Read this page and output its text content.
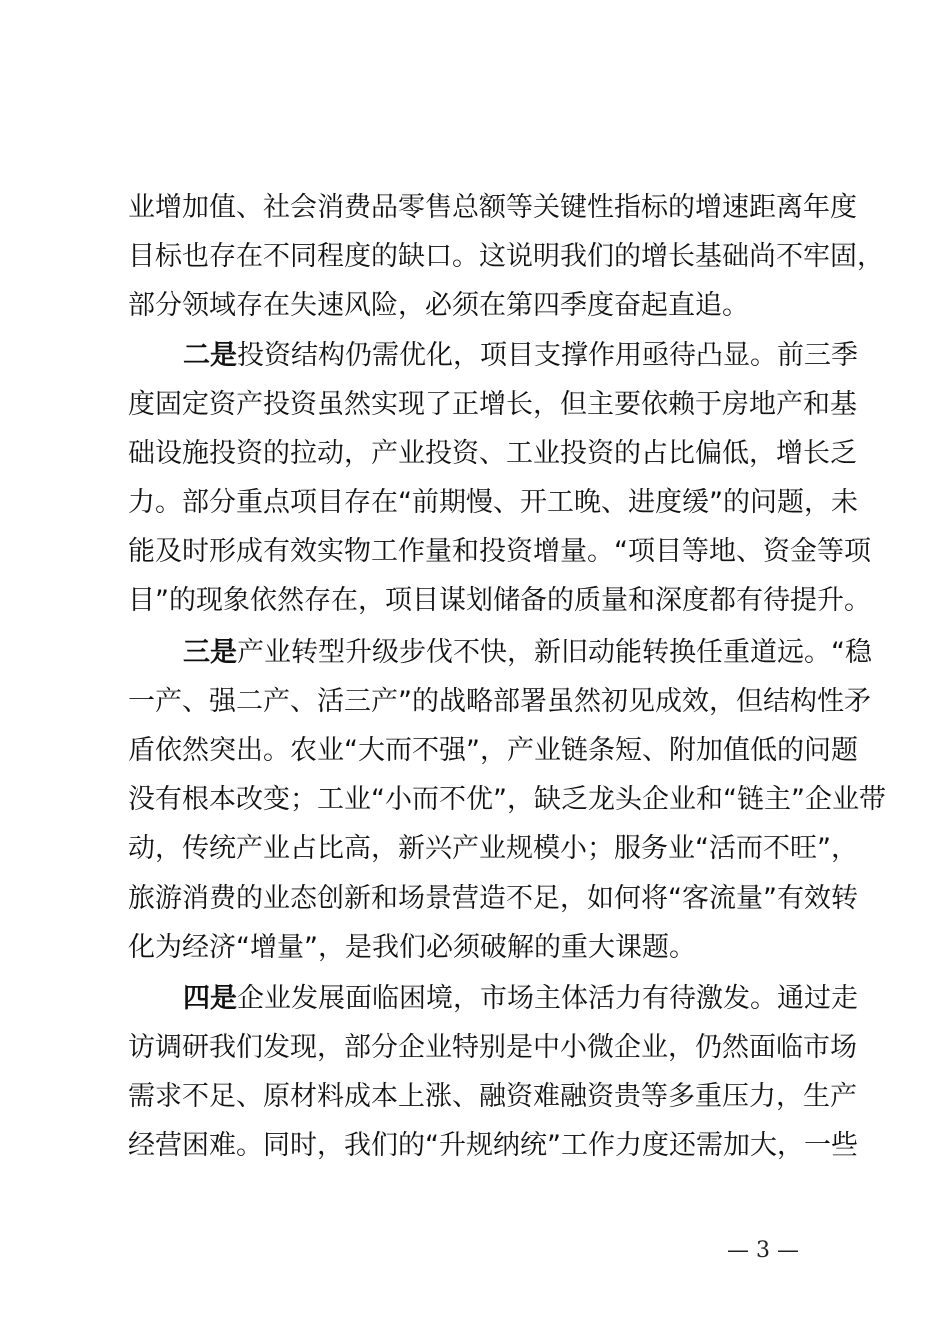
业增加值、社会消费品零售总额等关键性指标的增速距离年度
目标也存在不同程度的缺口。这说明我们的增长基础尚不牢固，
部分领域存在失速风险，必须在第四季度奋起直追。
二是投资结构仍需优化，项目支撑作用亟待凸显。前三季
度固定资产投资虽然实现了正增长，但主要依赖于房地产和基
础设施投资的拉动，产业投资、工业投资的占比偏低，增长乏
力。部分重点项目存在“前期慢、开工晚、进度缓”的问题，未
能及时形成有效实物工作量和投资增量。“项目等地、资金等项
目”的现象依然存在，项目谋划储备的质量和深度都有待提升。
三是产业转型升级步伐不快，新旧动能转换任重道远。“稳
一产、强二产、活三产”的战略部署虽然初见成效，但结构性矛
盾依然突出。农业“大而不强”，产业链条短、附加值低的问题
没有根本改变；工业“小而不优”，缺乏龙头企业和“链主”企业带
动，传统产业占比高，新兴产业规模小；服务业“活而不旺”，
旅游消费的业态创新和场景营造不足，如何将“客流量”有效转
化为经济“增量”，是我们必须破解的重大课题。
四是企业发展面临困境，市场主体活力有待激发。通过走
访调研我们发现，部分企业特别是中小微企业，仍然面临市场
需求不足、原材料成本上涨、融资难融资贵等多重压力，生产
经营困难。同时，我们的“升规纳统”工作力度还需加大，一些
— 3 —
